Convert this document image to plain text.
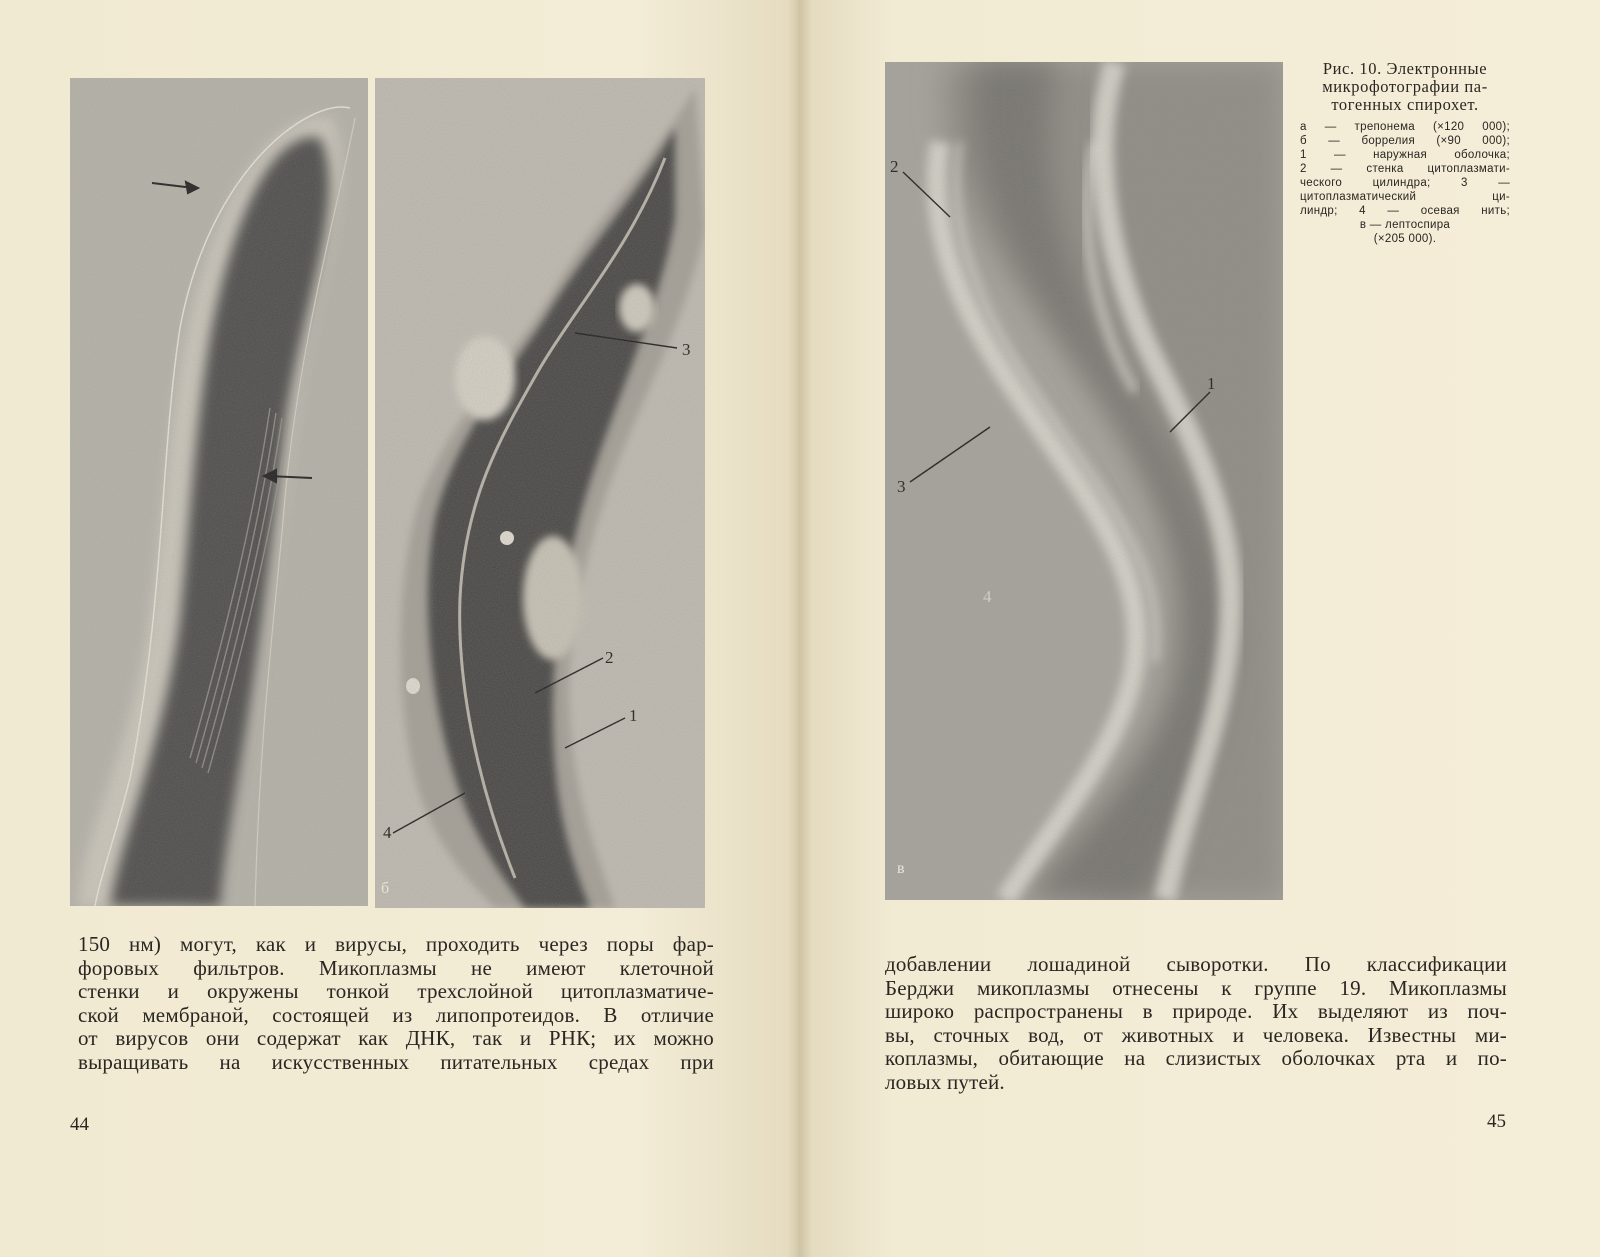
б
150 нм) могут, как и вирусы, проходить через поры фар-
форовых фильтров. Микоплазмы не имеют клеточной
стенки и окружены тонкой трехслойной цитоплазматиче-
ской мембраной, состоящей из липопротеидов. В отличие
от вирусов они содержат как ДНК, так и РНК; их можно
выращивать на искусственных питательных средах при
44
в
Рис. 10. Электронные
микрофотографии па-
тогенных спирохет.
а — трепонема (×120 000);
б — боррелия (×90 000);
1 — наружная оболочка;
2 — стенка цитоплазмати-
ческого цилиндра; 3 —
цитоплазматический ци-
линдр; 4 — осевая нить;
в — лептоспира
(×205 000).
добавлении лошадиной сыворотки. По классификации
Берджи микоплазмы отнесены к группе 19. Микоплазмы
широко распространены в природе. Их выделяют из поч-
вы, сточных вод, от животных и человека. Известны ми-
коплазмы, обитающие на слизистых оболочках рта и по-
ловых путей.
45
